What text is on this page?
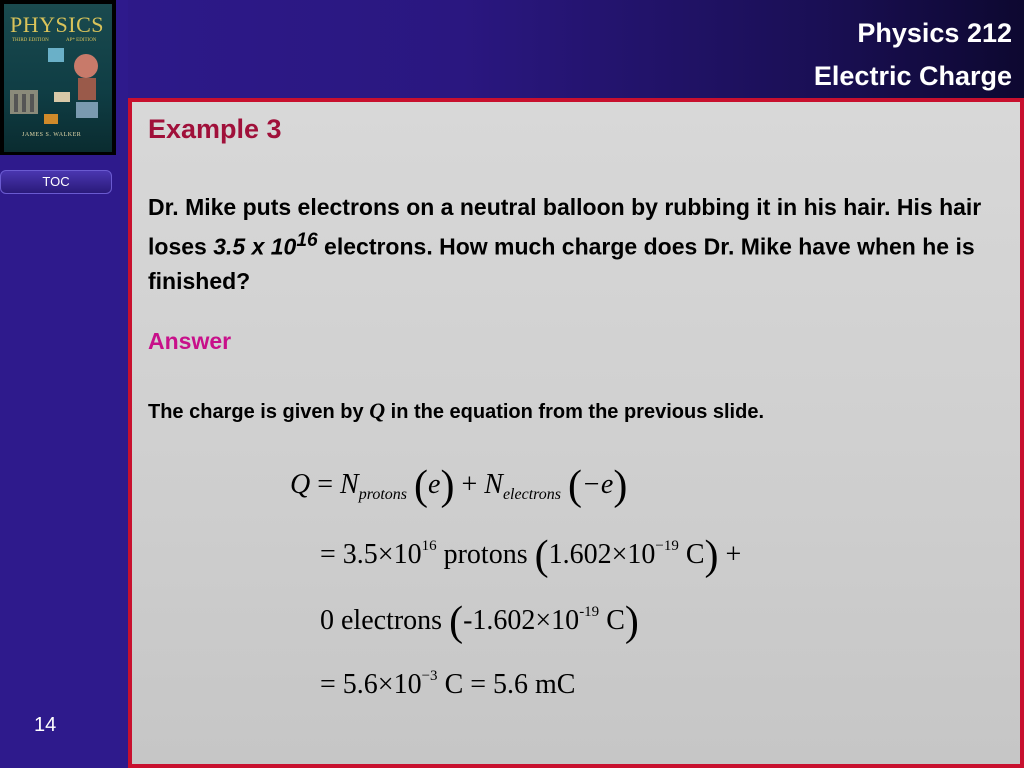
PHYSICS
THIRD EDITION	AP* EDITION
JAMES S. WALKER
TOC
14
Physics 212
Electric Charge
Example 3
Dr. Mike puts electrons on a neutral balloon by rubbing it in his hair. His hair loses 3.5 x $10^{16}$ electrons. How much charge does Dr. Mike have when he is finished?
Answer
The charge is given by Q in the equation from the previous slide.
$Q = N_{protons}$ $(e) + N_{electrons}$ (−e)
= $3.5\times 10^{16}$ protons ($1.602\times 10^{-19}$ C) +
0 electrons ($-1.602\times 10^{-19}$ C)
= $5.6\times 10^{-3}$ C = 5.6 mC
